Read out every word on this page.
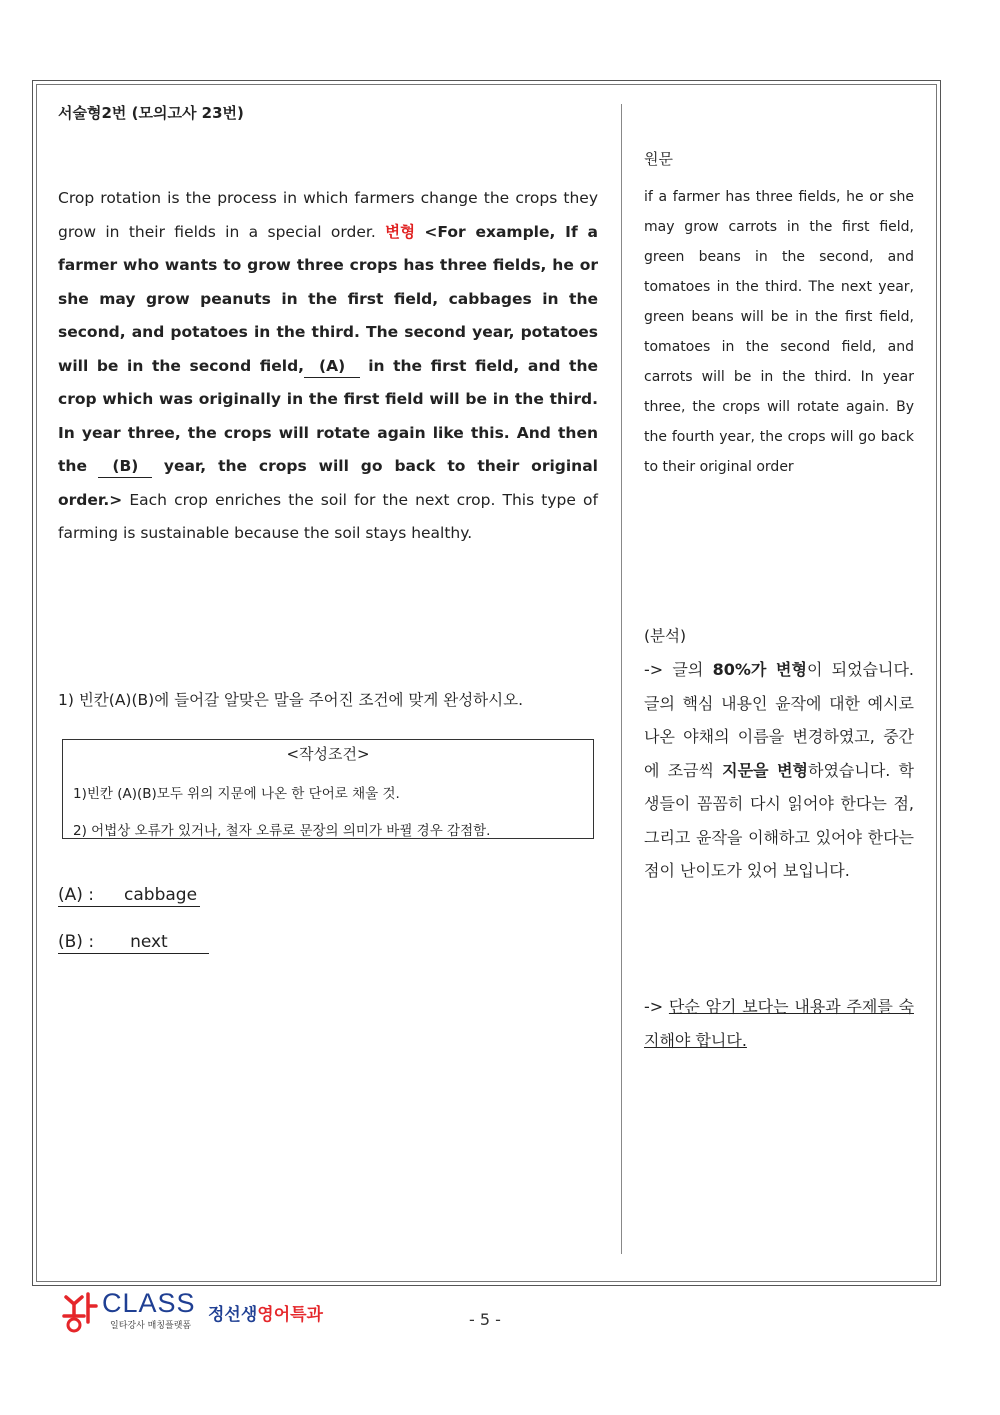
서술형2번 (모의고사 23번)
Crop rotation is the process in which farmers change the crops they grow in their fields in a special order. 변형 <For example, If a farmer who wants to grow three crops has three fields, he or she may grow peanuts in the first field, cabbages in the second, and potatoes in the third. The second year, potatoes will be in the second field, (A) in the first field, and the crop which was originally in the first field will be in the third. In year three, the crops will rotate again like this. And then the (B) year, the crops will go back to their original order.> Each crop enriches the soil for the next crop. This type of farming is sustainable because the soil stays healthy.
1) 빈칸(A)(B)에 들어갈 알맞은 말을 주어진 조건에 맞게 완성하시오.
<작성조건>
1)빈칸 (A)(B)모두 위의 지문에 나온 한 단어로 채울 것.
2) 어법상 오류가 있거나, 철자 오류로 문장의 의미가 바뀔 경우 감점함.
(A) : cabbage
(B) : next
원문
if a farmer has three fields, he or she may grow carrots in the first field, green beans in the second, and tomatoes in the third. The next year, green beans will be in the first field, tomatoes in the second field, and carrots will be in the third. In year three, the crops will rotate again. By the fourth year, the crops will go back to their original order
(분석)
-> 글의 80%가 변형이 되었습니다. 글의 핵심 내용인 윤작에 대한 예시로 나온 야채의 이름을 변경하였고, 중간에 조금씩 지문을 변형하였습니다. 학생들이 꼼꼼히 다시 읽어야 한다는 점, 그리고 윤작을 이해하고 있어야 한다는 점이 난이도가 있어 보입니다.
-> 단순 암기 보다는 내용과 주제를 숙지해야 합니다.
CLASS
일타강사 매칭플랫폼
정선생영어특과	- 5 -
